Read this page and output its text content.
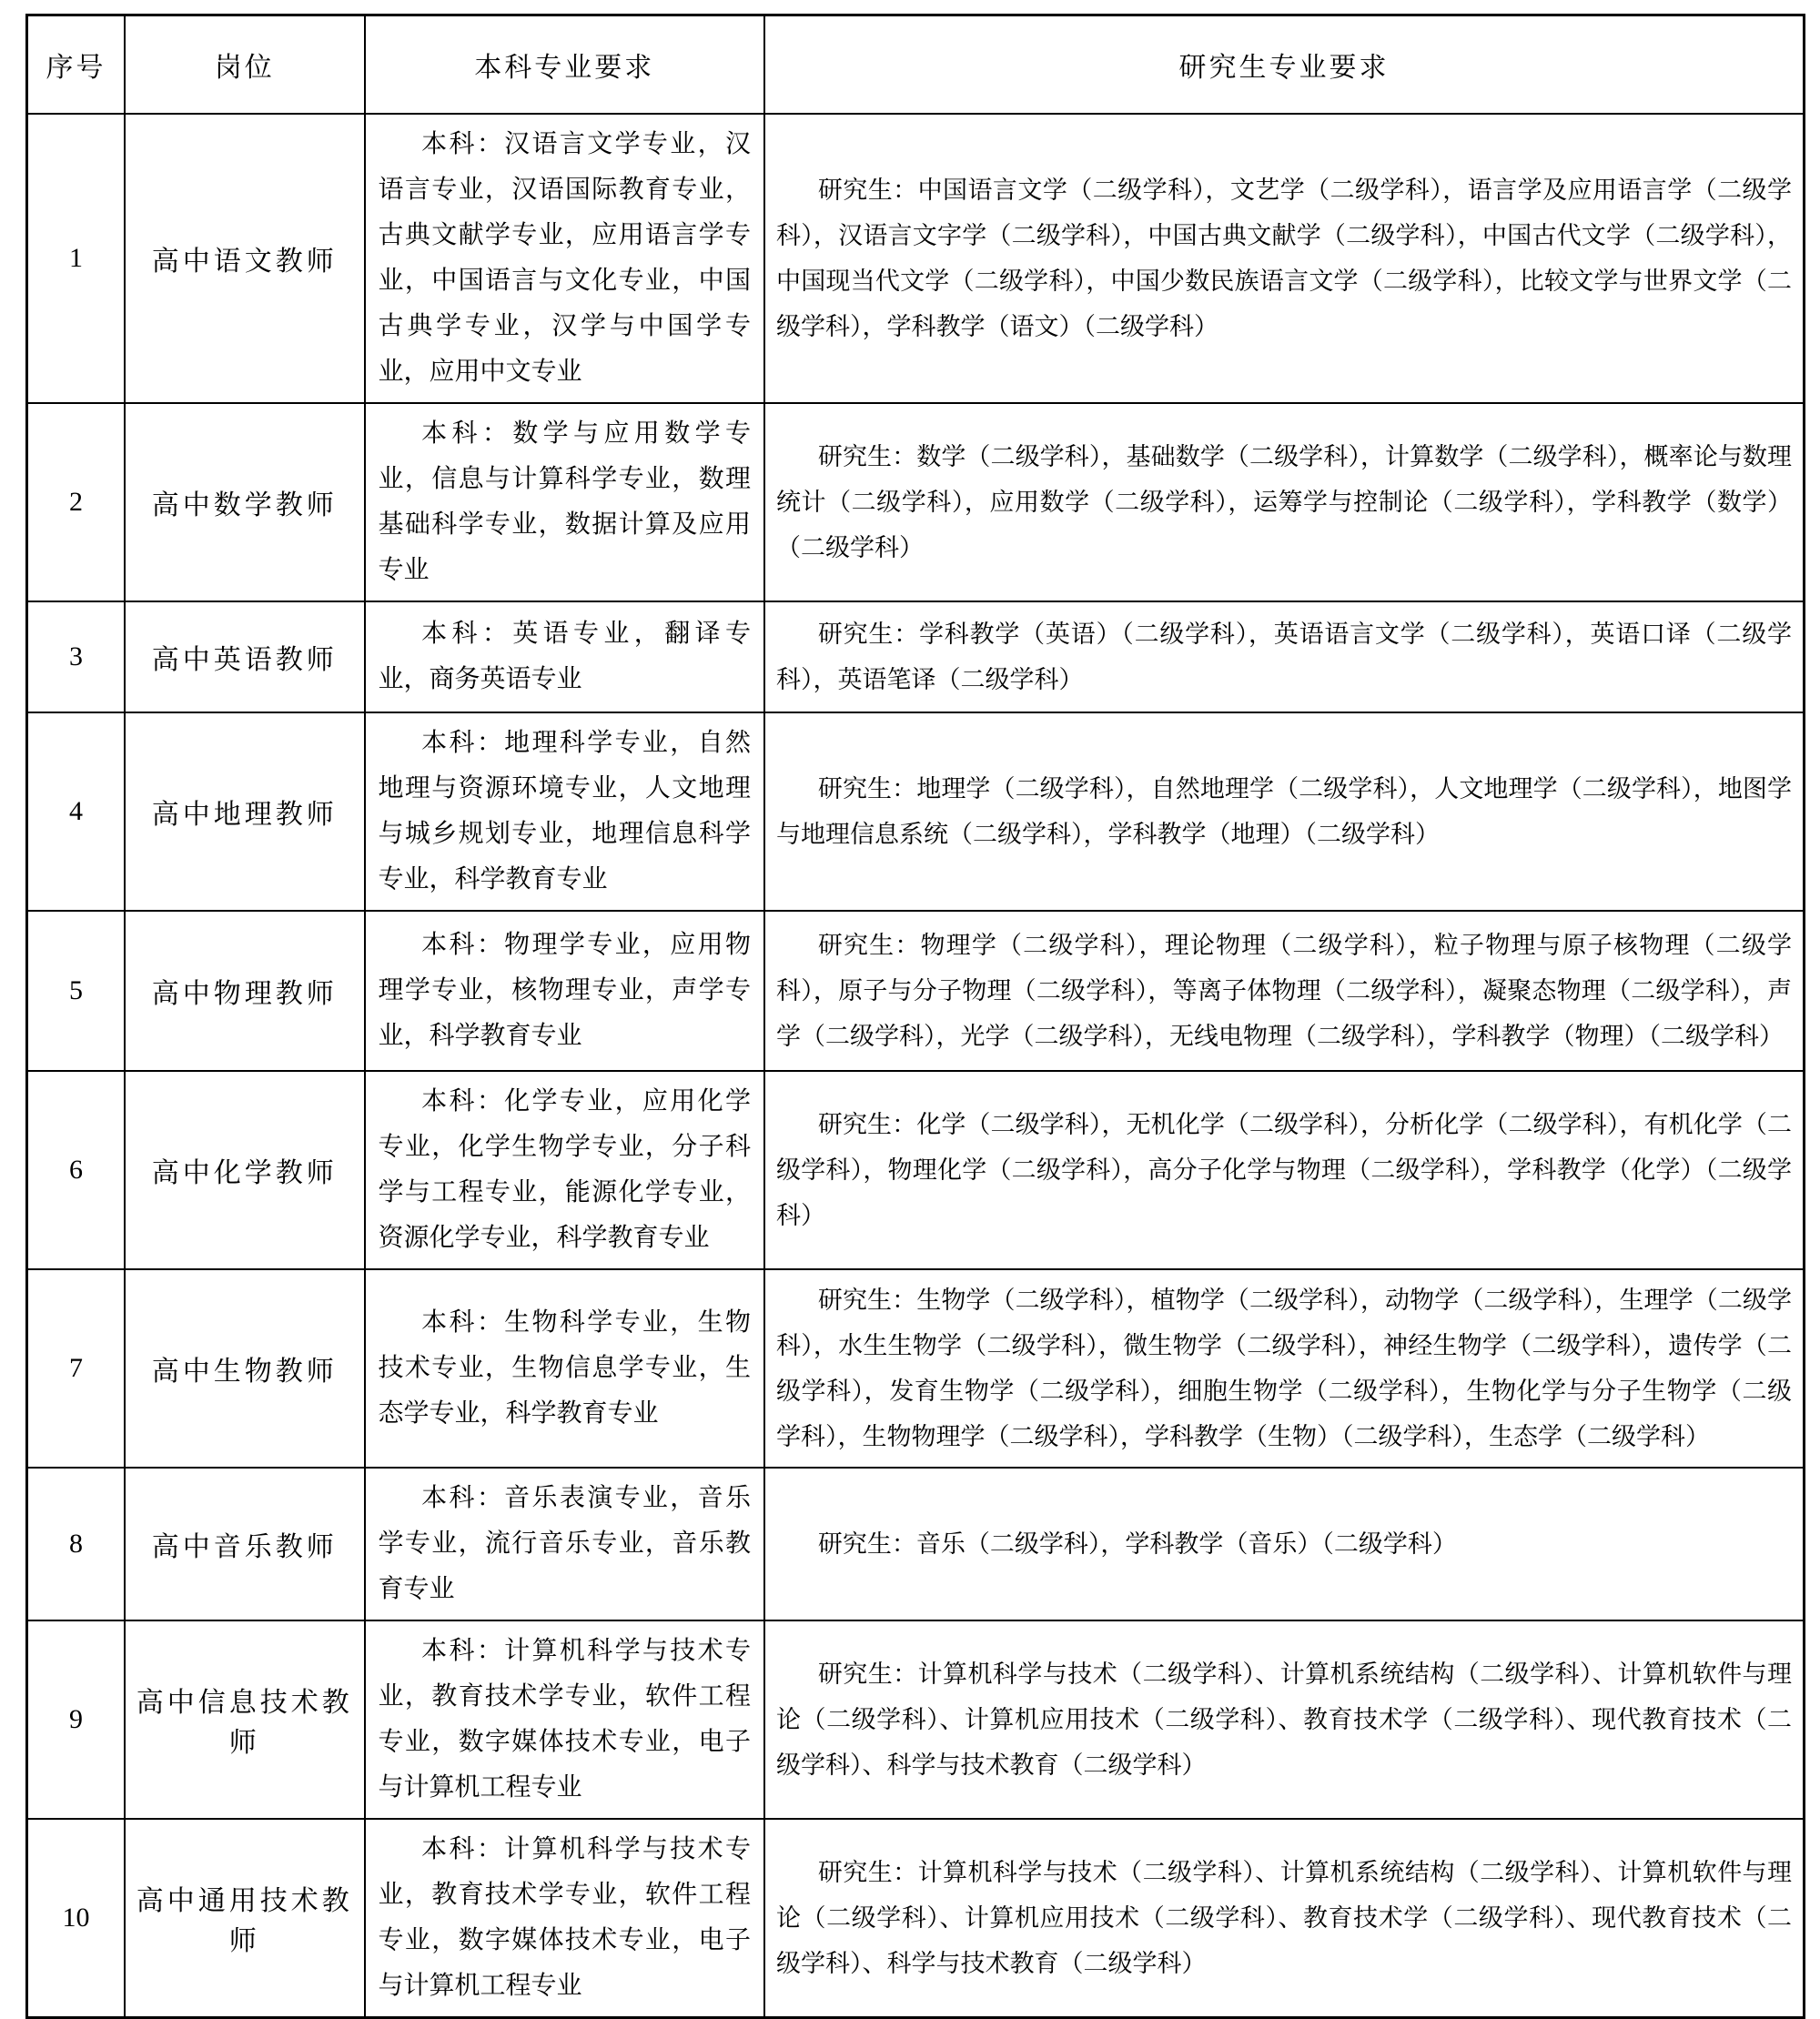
序号	岗位	本科专业要求	研究生专业要求
1	高中语文教师	本科：汉语言文学专业，汉语言专业，汉语国际教育专业，古典文献学专业，应用语言学专业，中国语言与文化专业，中国古典学专业，汉学与中国学专业，应用中文专业	研究生：中国语言文学（二级学科），文艺学（二级学科），语言学及应用语言学（二级学科），汉语言文字学（二级学科），中国古典文献学（二级学科），中国古代文学（二级学科），中国现当代文学（二级学科），中国少数民族语言文学（二级学科），比较文学与世界文学（二级学科），学科教学（语文）（二级学科）
2	高中数学教师	本科：数学与应用数学专业，信息与计算科学专业，数理基础科学专业，数据计算及应用专业	研究生：数学（二级学科），基础数学（二级学科），计算数学（二级学科），概率论与数理统计（二级学科），应用数学（二级学科），运筹学与控制论（二级学科），学科教学（数学）（二级学科）
3	高中英语教师	本科：英语专业，翻译专业，商务英语专业	研究生：学科教学（英语）（二级学科），英语语言文学（二级学科），英语口译（二级学科），英语笔译（二级学科）
4	高中地理教师	本科：地理科学专业，自然地理与资源环境专业，人文地理与城乡规划专业，地理信息科学专业，科学教育专业	研究生：地理学（二级学科），自然地理学（二级学科），人文地理学（二级学科），地图学与地理信息系统（二级学科），学科教学（地理）（二级学科）
5	高中物理教师	本科：物理学专业，应用物理学专业，核物理专业，声学专业，科学教育专业	研究生：物理学（二级学科），理论物理（二级学科），粒子物理与原子核物理（二级学科），原子与分子物理（二级学科），等离子体物理（二级学科），凝聚态物理（二级学科），声学（二级学科），光学（二级学科），无线电物理（二级学科），学科教学（物理）（二级学科）
6	高中化学教师	本科：化学专业，应用化学专业，化学生物学专业，分子科学与工程专业，能源化学专业，资源化学专业，科学教育专业	研究生：化学（二级学科），无机化学（二级学科），分析化学（二级学科），有机化学（二级学科），物理化学（二级学科），高分子化学与物理（二级学科），学科教学（化学）（二级学科）
7	高中生物教师	本科：生物科学专业，生物技术专业，生物信息学专业，生态学专业，科学教育专业	研究生：生物学（二级学科），植物学（二级学科），动物学（二级学科），生理学（二级学科），水生生物学（二级学科），微生物学（二级学科），神经生物学（二级学科），遗传学（二级学科），发育生物学（二级学科），细胞生物学（二级学科），生物化学与分子生物学（二级学科），生物物理学（二级学科），学科教学（生物）（二级学科），生态学（二级学科）
8	高中音乐教师	本科：音乐表演专业，音乐学专业，流行音乐专业，音乐教育专业	研究生：音乐（二级学科），学科教学（音乐）（二级学科）
9	高中信息技术教师	本科：计算机科学与技术专业，教育技术学专业，软件工程专业，数字媒体技术专业，电子与计算机工程专业	研究生：计算机科学与技术（二级学科）、计算机系统结构（二级学科）、计算机软件与理论（二级学科）、计算机应用技术（二级学科）、教育技术学（二级学科）、现代教育技术（二级学科）、科学与技术教育（二级学科）
10	高中通用技术教师	本科：计算机科学与技术专业，教育技术学专业，软件工程专业，数字媒体技术专业，电子与计算机工程专业	研究生：计算机科学与技术（二级学科）、计算机系统结构（二级学科）、计算机软件与理论（二级学科）、计算机应用技术（二级学科）、教育技术学（二级学科）、现代教育技术（二级学科）、科学与技术教育（二级学科）
